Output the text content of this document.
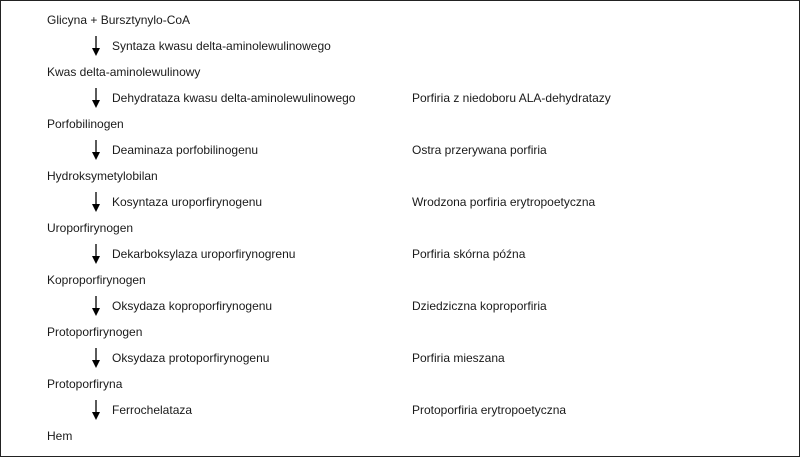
Glicyna + Bursztynylo-CoA
Kwas delta-aminolewulinowy
Porfobilinogen
Hydroksymetylobilan
Uroporfirynogen
Koproporfirynogen
Protoporfirynogen
Protoporfiryna
Hem
Syntaza kwasu delta-aminolewulinowego
Dehydrataza kwasu delta-aminolewulinowego
Deaminaza porfobilinogenu
Kosyntaza uroporfirynogenu
Dekarboksylaza uroporfirynogrenu
Oksydaza koproporfirynogenu
Oksydaza protoporfirynogenu
Ferrochelataza
Porfiria z niedoboru ALA-dehydratazy
Ostra przerywana porfiria
Wrodzona porfiria erytropoetyczna
Porfiria skórna późna
Dziedziczna koproporfiria
Porfiria mieszana
Protoporfiria erytropoetyczna
